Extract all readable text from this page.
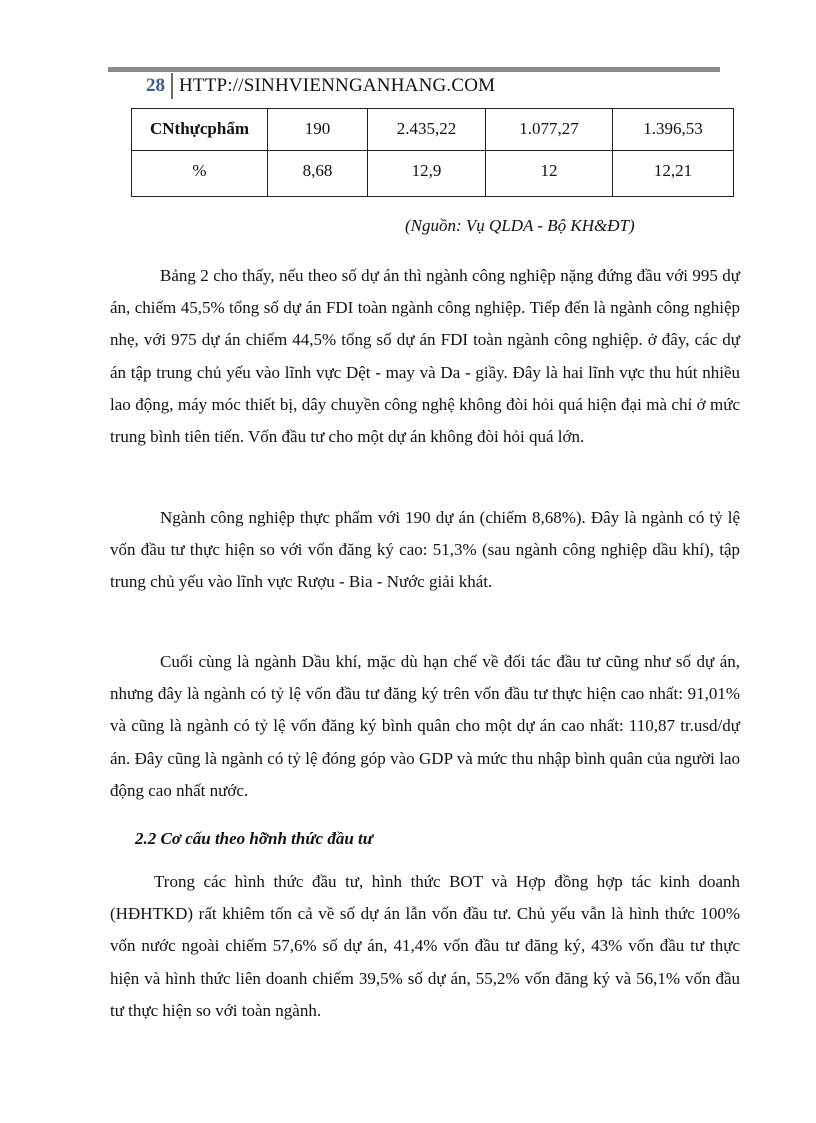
28 HTTP://SINHVIENNGANHANG.COM
CNthựcphẩm	190	2.435,22	1.077,27	1.396,53
%	8,68	12,9	12	12,21
(Nguồn: Vụ QLDA - Bộ KH&ĐT)

Bảng 2 cho thấy, nếu theo số dự án thì ngành công nghiệp nặng đứng đầu với 995 dự án, chiếm 45,5% tổng số dự án FDI toàn ngành công nghiệp. Tiếp đến là ngành công nghiệp nhẹ, với 975 dự án chiếm 44,5% tổng số dự án FDI toàn ngành công nghiệp. ở đây, các dự án tập trung chủ yếu vào lĩnh vực Dệt - may và Da - giầy. Đây là hai lĩnh vực thu hút nhiều lao động, máy móc thiết bị, dây chuyền công nghệ không đòi hỏi quá hiện đại mà chỉ ở mức trung bình tiên tiến. Vốn đầu tư cho một dự án không đòi hỏi quá lớn.

Ngành công nghiệp thực phẩm với 190 dự án (chiếm 8,68%). Đây là ngành có tỷ lệ vốn đầu tư thực hiện so với vốn đăng ký cao: 51,3% (sau ngành công nghiệp dầu khí), tập trung chủ yếu vào lĩnh vực Rượu - Bia - Nước giải khát.

Cuối cùng là ngành Dầu khí, mặc dù hạn chế về đối tác đầu tư cũng như số dự án, nhưng đây là ngành có tỷ lệ vốn đầu tư đăng ký trên vốn đầu tư thực hiện cao nhất: 91,01% và cũng là ngành có tỷ lệ vốn đăng ký bình quân cho một dự án cao nhất: 110,87 tr.usd/dự án. Đây cũng là ngành có tỷ lệ đóng góp vào GDP và mức thu nhập bình quân của người lao động cao nhất nước.

2.2 Cơ cấu theo hỡnh thức đầu tư

Trong các hình thức đầu tư, hình thức BOT và Hợp đồng hợp tác kinh doanh (HĐHTKD) rất khiêm tốn cả về số dự án lẫn vốn đầu tư. Chủ yếu vẫn là hình thức 100% vốn nước ngoài chiếm 57,6% số dự án, 41,4% vốn đầu tư đăng ký, 43% vốn đầu tư thực hiện và hình thức liên doanh chiếm 39,5% số dự án, 55,2% vốn đăng ký và 56,1% vốn đầu tư thực hiện so với toàn ngành.
